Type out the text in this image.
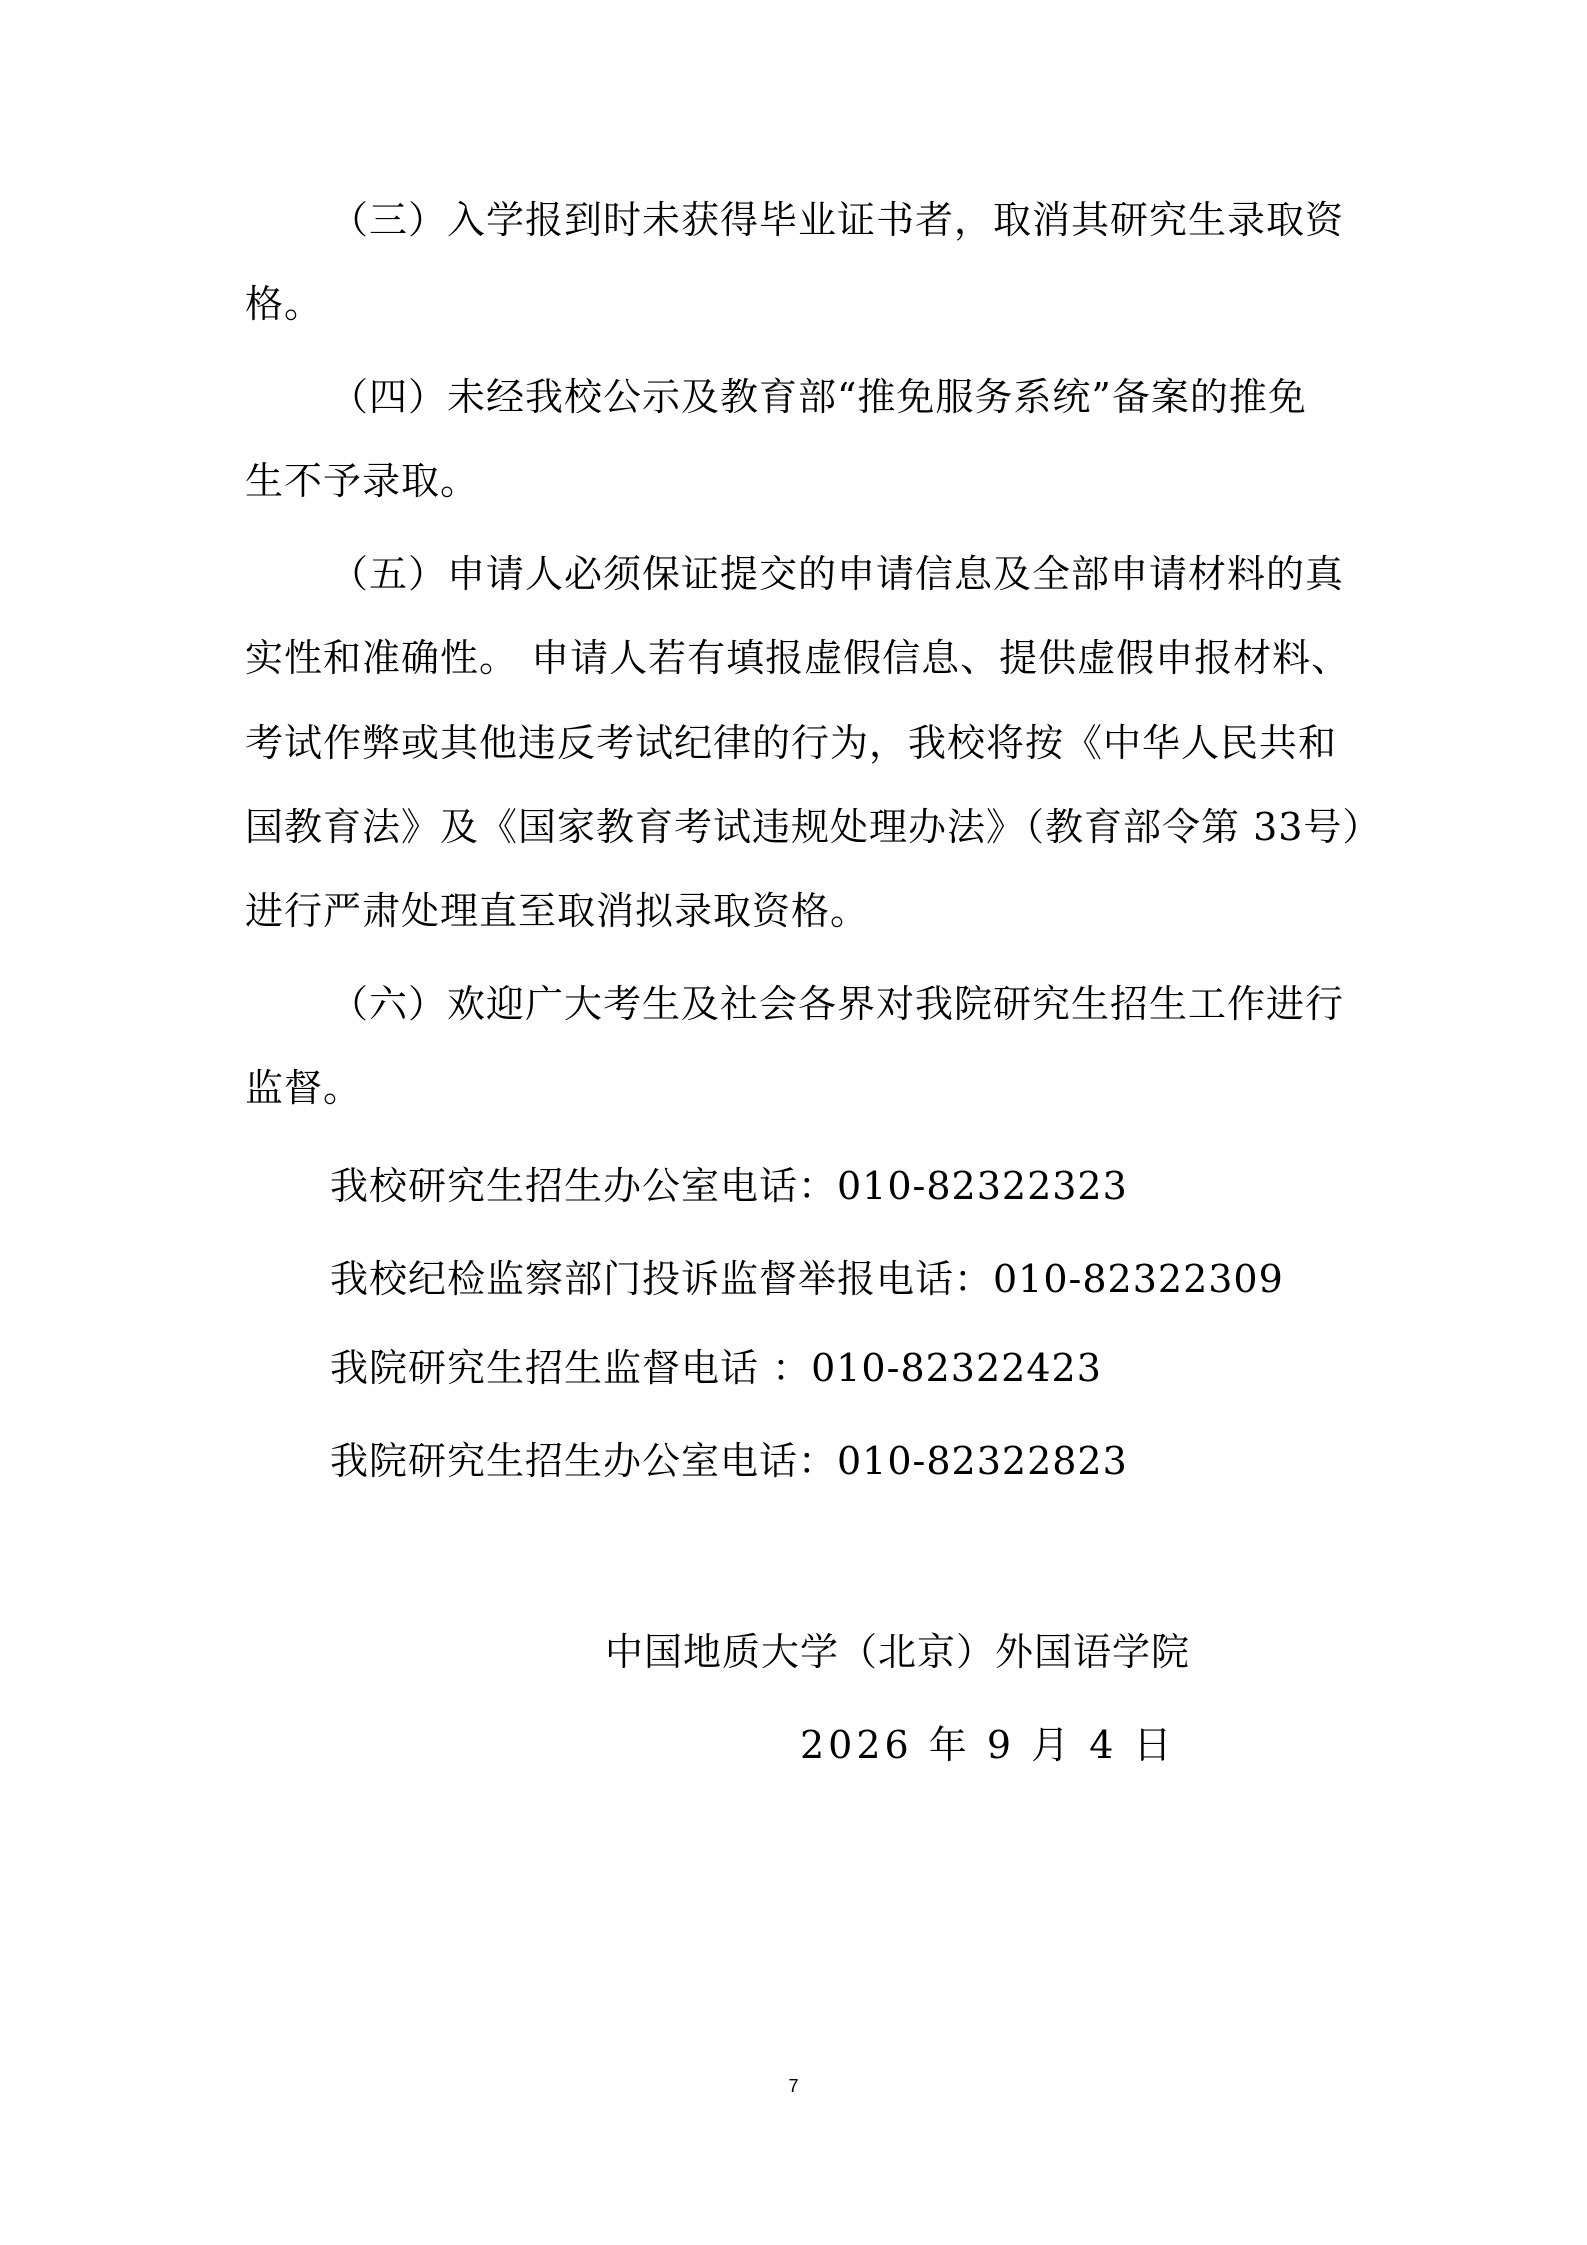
（三）入学报到时未获得毕业证书者，取消其研究生录取资
格。
（四）未经我校公示及教育部“推免服务系统”备案的推免
生不予录取。
（五）申请人必须保证提交的申请信息及全部申请材料的真
实性和准确性。 申请人若有填报虚假信息、提供虚假申报材料、
考试作弊或其他违反考试纪律的行为，我校将按《中华人民共和
国教育法》及《国家教育考试违规处理办法》（教育部令第 33号）
进行严肃处理直至取消拟录取资格。
（六）欢迎广大考生及社会各界对我院研究生招生工作进行
监督。
我校研究生招生办公室电话：010-82322323
我校纪检监察部门投诉监督举报电话：010-82322309
我院研究生招生监督电话 ：010-82322423
我院研究生招生办公室电话：010-82322823
中国地质大学（北京）外国语学院
2026 年 9 月 4 日
7
